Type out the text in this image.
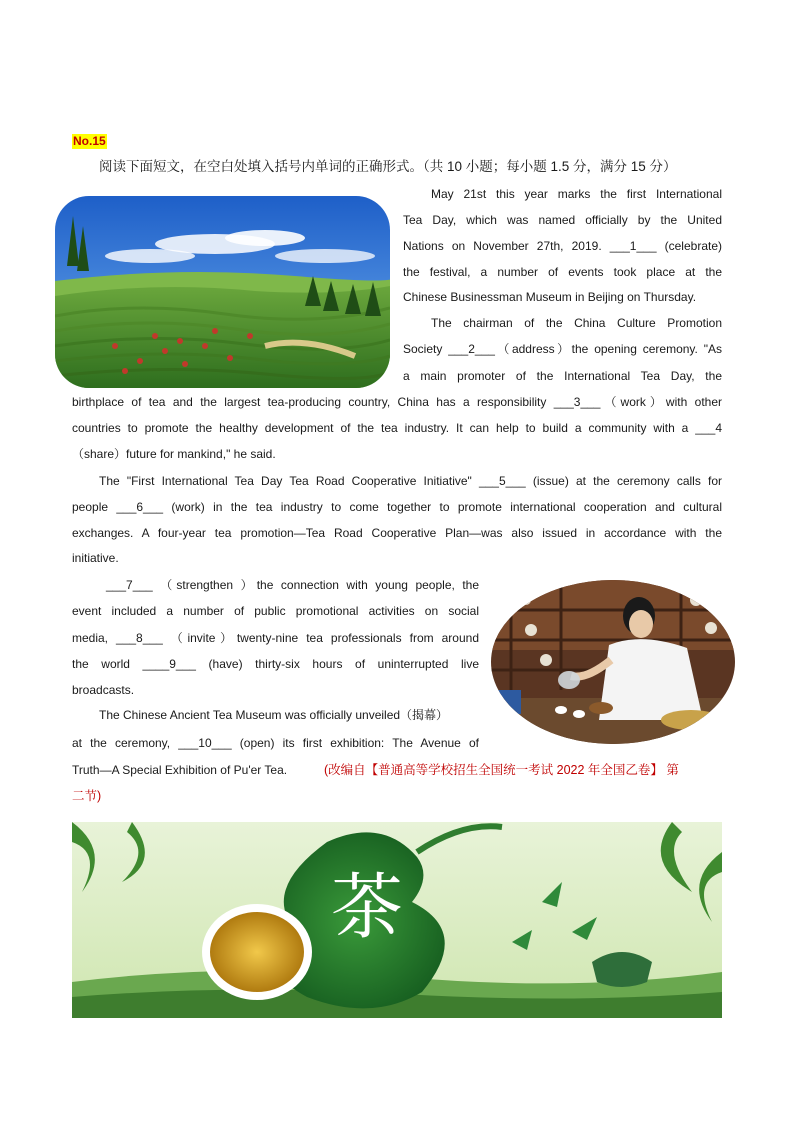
No.15
阅读下面短文，在空白处填入括号内单词的正确形式。（共 10 小题；每小题 1.5 分，满分 15 分）
May 21st this year marks the first International
Tea Day, which was named officially by the United
Nations on November 27th, 2019. ___1___ (celebrate)
the festival, a number of events took place at the
Chinese Businessman Museum in Beijing on Thursday.
The chairman of the China Culture Promotion
Society ___2___（address）the opening ceremony. "As
a main promoter of the International Tea Day, the
birthplace of tea and the largest tea-producing country, China has a responsibility ___3___（work）with other
countries to promote the healthy development of the tea industry. It can help to build a community with a ___4
（share）future for mankind," he said.
The "First International Tea Day Tea Road Cooperative Initiative" ___5___ (issue) at the ceremony calls for
people ___6___ (work) in the tea industry to come together to promote international cooperation and cultural
exchanges. A four-year tea promotion—Tea Road Cooperative Plan—was also issued in accordance with the
initiative.
___7___ （strengthen ）the connection with young people, the
event included a number of public promotional activities on social
media, ___8___ （invite）twenty-nine tea professionals from around
the world ____9___ (have) thirty-six hours of uninterrupted live
broadcasts.
The Chinese Ancient Tea Museum was officially unveiled（揭幕）
at the ceremony, ___10___ (open) its first exhibition: The Avenue of
Truth—A Special Exhibition of Pu'er Tea.	(改编自【普通高等学校招生全国统一考试 2022 年全国乙卷】 第
二节)
茶
